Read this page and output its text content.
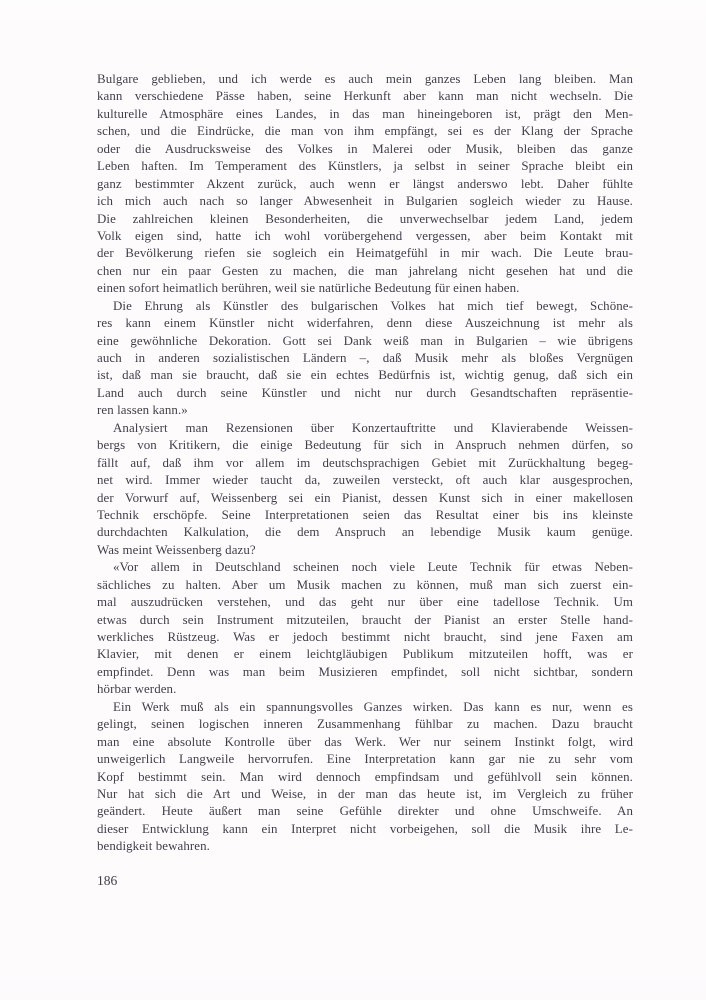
Bulgare geblieben, und ich werde es auch mein ganzes Leben lang bleiben. Man
kann verschiedene Pässe haben, seine Herkunft aber kann man nicht wechseln. Die
kulturelle Atmosphäre eines Landes, in das man hineingeboren ist, prägt den Men-
schen, und die Eindrücke, die man von ihm empfängt, sei es der Klang der Sprache
oder die Ausdrucksweise des Volkes in Malerei oder Musik, bleiben das ganze
Leben haften. Im Temperament des Künstlers, ja selbst in seiner Sprache bleibt ein
ganz bestimmter Akzent zurück, auch wenn er längst anderswo lebt. Daher fühlte
ich mich auch nach so langer Abwesenheit in Bulgarien sogleich wieder zu Hause.
Die zahlreichen kleinen Besonderheiten, die unverwechselbar jedem Land, jedem
Volk eigen sind, hatte ich wohl vorübergehend vergessen, aber beim Kontakt mit
der Bevölkerung riefen sie sogleich ein Heimatgefühl in mir wach. Die Leute brau-
chen nur ein paar Gesten zu machen, die man jahrelang nicht gesehen hat und die
einen sofort heimatlich berühren, weil sie natürliche Bedeutung für einen haben.
Die Ehrung als Künstler des bulgarischen Volkes hat mich tief bewegt, Schöne-
res kann einem Künstler nicht widerfahren, denn diese Auszeichnung ist mehr als
eine gewöhnliche Dekoration. Gott sei Dank weiß man in Bulgarien – wie übrigens
auch in anderen sozialistischen Ländern –, daß Musik mehr als bloßes Vergnügen
ist, daß man sie braucht, daß sie ein echtes Bedürfnis ist, wichtig genug, daß sich ein
Land auch durch seine Künstler und nicht nur durch Gesandtschaften repräsentie-
ren lassen kann.»
Analysiert man Rezensionen über Konzertauftritte und Klavierabende Weissen-
bergs von Kritikern, die einige Bedeutung für sich in Anspruch nehmen dürfen, so
fällt auf, daß ihm vor allem im deutschsprachigen Gebiet mit Zurückhaltung begeg-
net wird. Immer wieder taucht da, zuweilen versteckt, oft auch klar ausgesprochen,
der Vorwurf auf, Weissenberg sei ein Pianist, dessen Kunst sich in einer makellosen
Technik erschöpfe. Seine Interpretationen seien das Resultat einer bis ins kleinste
durchdachten Kalkulation, die dem Anspruch an lebendige Musik kaum genüge.
Was meint Weissenberg dazu?
«Vor allem in Deutschland scheinen noch viele Leute Technik für etwas Neben-
sächliches zu halten. Aber um Musik machen zu können, muß man sich zuerst ein-
mal auszudrücken verstehen, und das geht nur über eine tadellose Technik. Um
etwas durch sein Instrument mitzuteilen, braucht der Pianist an erster Stelle hand-
werkliches Rüstzeug. Was er jedoch bestimmt nicht braucht, sind jene Faxen am
Klavier, mit denen er einem leichtgläubigen Publikum mitzuteilen hofft, was er
empfindet. Denn was man beim Musizieren empfindet, soll nicht sichtbar, sondern
hörbar werden.
Ein Werk muß als ein spannungsvolles Ganzes wirken. Das kann es nur, wenn es
gelingt, seinen logischen inneren Zusammenhang fühlbar zu machen. Dazu braucht
man eine absolute Kontrolle über das Werk. Wer nur seinem Instinkt folgt, wird
unweigerlich Langweile hervorrufen. Eine Interpretation kann gar nie zu sehr vom
Kopf bestimmt sein. Man wird dennoch empfindsam und gefühlvoll sein können.
Nur hat sich die Art und Weise, in der man das heute ist, im Vergleich zu früher
geändert. Heute äußert man seine Gefühle direkter und ohne Umschweife. An
dieser Entwicklung kann ein Interpret nicht vorbeigehen, soll die Musik ihre Le-
bendigkeit bewahren.
186
